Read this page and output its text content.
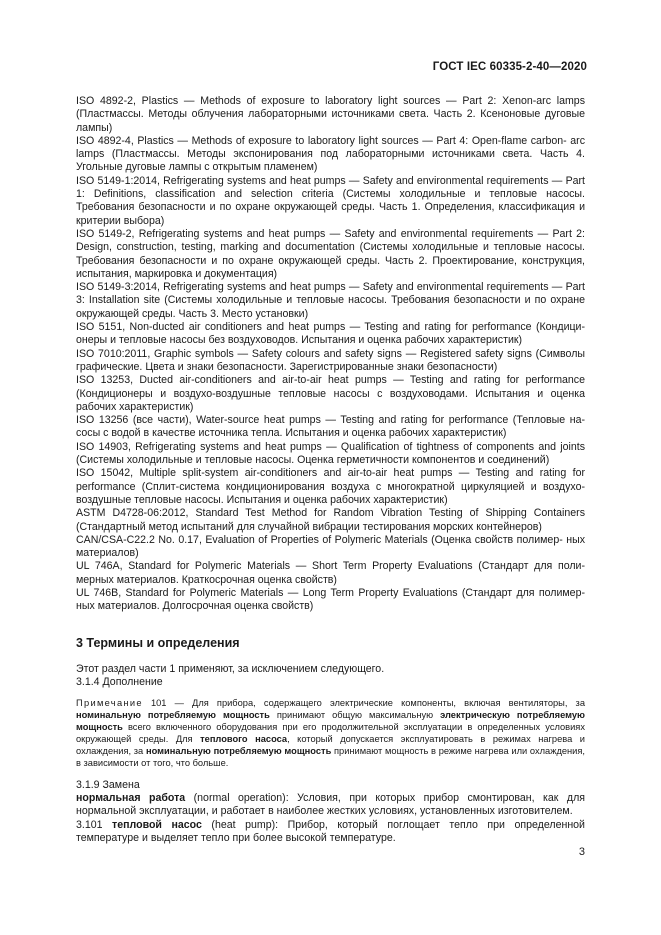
ГОСТ IEC 60335-2-40—2020

ISO 4892-2, Plastics — Methods of exposure to laboratory light sources — Part 2: Xenon-arc lamps (Пластмассы. Методы облучения лабораторными источниками света. Часть 2. Ксеноновые дуговые лампы)

ISO 4892-4, Plastics — Methods of exposure to laboratory light sources — Part 4: Open-flame carbon- arc lamps (Пластмассы. Методы экспонирования под лабораторными источниками света. Часть 4. Угольные дуговые лампы с открытым пламенем)

ISO 5149-1:2014, Refrigerating systems and heat pumps — Safety and environmental requirements — Part 1: Definitions, classification and selection criteria (Системы холодильные и тепловые насосы. Требования безопасности и по охране окружающей среды. Часть 1. Определения, классификация и критерии выбора)

ISO 5149-2, Refrigerating systems and heat pumps — Safety and environmental requirements — Part 2: Design, construction, testing, marking and documentation (Системы холодильные и тепловые насосы. Требования безопасности и по охране окружающей среды. Часть 2. Проектирование, конструкция, испытания, маркировка и документация)

ISO 5149-3:2014, Refrigerating systems and heat pumps — Safety and environmental requirements — Part 3: Installation site (Системы холодильные и тепловые насосы. Требования безопасности и по охране окружающей среды. Часть 3. Место установки)

ISO 5151, Non-ducted air conditioners and heat pumps — Testing and rating for performance (Кондици- онеры и тепловые насосы без воздуховодов. Испытания и оценка рабочих характеристик)

ISO 7010:2011, Graphic symbols — Safety colours and safety signs — Registered safety signs (Символы графические. Цвета и знаки безопасности. Зарегистрированные знаки безопасности)

ISO 13253, Ducted air-conditioners and air-to-air heat pumps — Testing and rating for performance (Кондиционеры и воздухо-воздушные тепловые насосы с воздуховодами. Испытания и оценка рабочих характеристик)

ISO 13256 (все части), Water-source heat pumps — Testing and rating for performance (Тепловые на- сосы с водой в качестве источника тепла. Испытания и оценка рабочих характеристик)

ISO 14903, Refrigerating systems and heat pumps — Qualification of tightness of components and joints (Системы холодильные и тепловые насосы. Оценка герметичности компонентов и соединений)

ISO 15042, Multiple split-system air-conditioners and air-to-air heat pumps — Testing and rating for performance (Сплит-система кондиционирования воздуха с многократной циркуляцией и воздухо-воздушные тепловые насосы. Испытания и оценка рабочих характеристик)

ASTM D4728-06:2012, Standard Test Method for Random Vibration Testing of Shipping Containers (Стандартный метод испытаний для случайной вибрации тестирования морских контейнеров)

CAN/CSA-C22.2 No. 0.17, Evaluation of Properties of Polymeric Materials (Оценка свойств полимер- ных материалов)

UL 746A, Standard for Polymeric Materials — Short Term Property Evaluations (Стандарт для поли- мерных материалов. Краткосрочная оценка свойств)

UL 746B, Standard for Polymeric Materials — Long Term Property Evaluations (Стандарт для полимер- ных материалов. Долгосрочная оценка свойств)

3 Термины и определения

Этот раздел части 1 применяют, за исключением следующего.

3.1.4 Дополнение

Примечание 101 — Для прибора, содержащего электрические компоненты, включая вентиляторы, за номинальную потребляемую мощность принимают общую максимальную электрическую потребляемую мощность всего включенного оборудования при его продолжительной эксплуатации в определенных условиях окружающей среды. Для теплового насоса, который допускается эксплуатировать в режимах нагрева и охлаждения, за номинальную потребляемую мощность принимают мощность в режиме нагрева или охлаждения, в зависимости от того, что больше.

3.1.9 Замена

нормальная работа (normal operation): Условия, при которых прибор смонтирован, как для нормальной эксплуатации, и работает в наиболее жестких условиях, установленных изготовителем.

3.101 тепловой насос (heat pump): Прибор, который поглощает тепло при определенной температуре и выделяет тепло при более высокой температуре.

3
